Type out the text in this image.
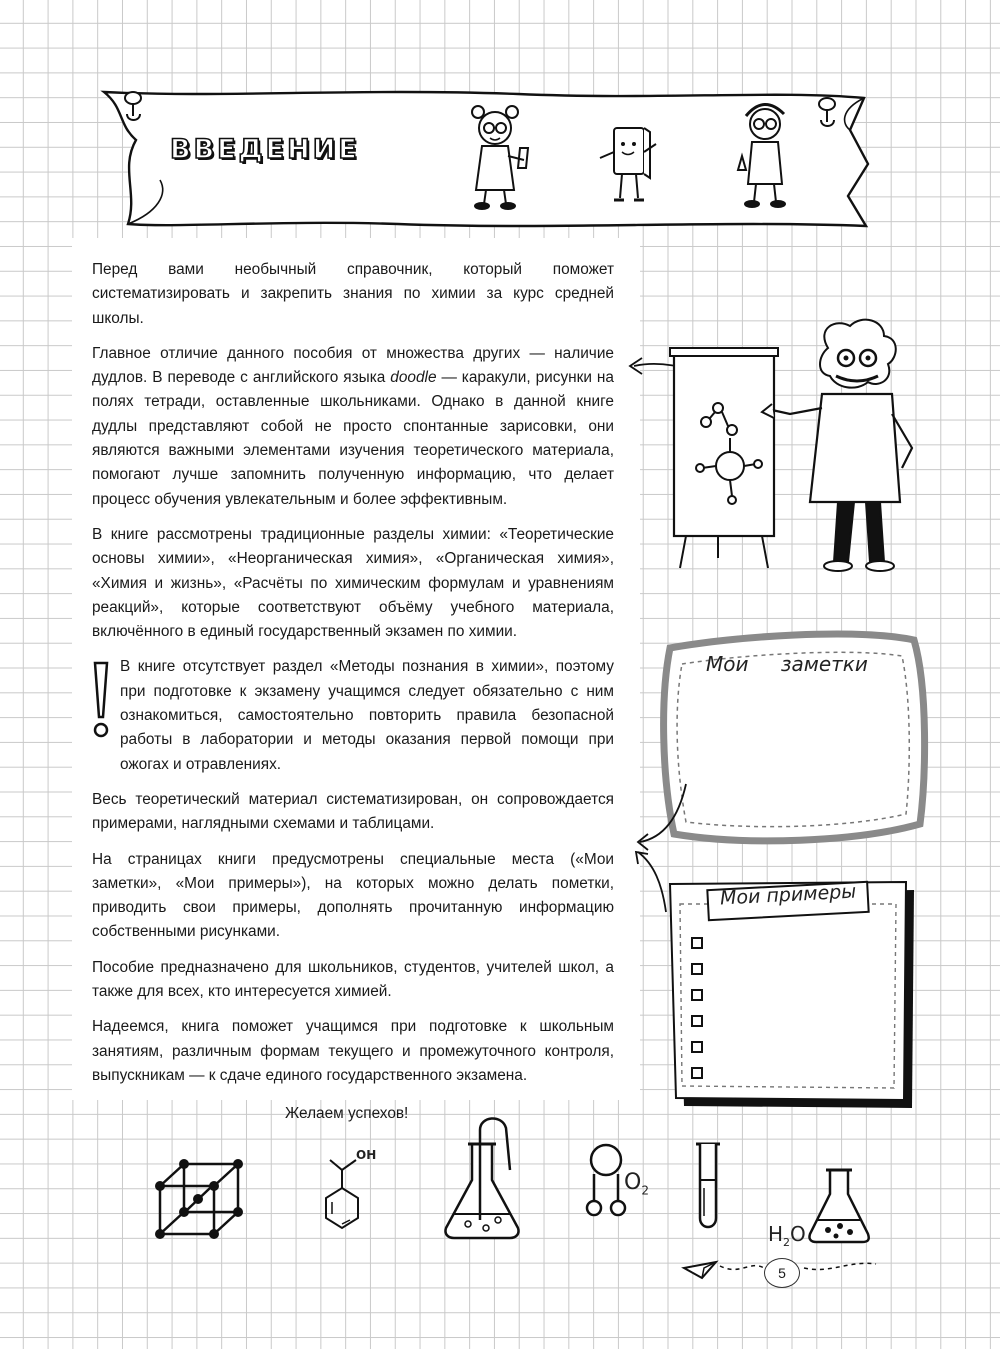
ВВЕДЕНИЕ

Перед вами необычный справочник, который поможет систематизировать и закрепить знания по химии за курс средней школы.

Главное отличие данного пособия от множества других — наличие дудлов. В переводе с английского языка doodle — каракули, рисунки на полях тетради, оставленные школьниками. Однако в данной книге дудлы представляют собой не просто спонтанные зарисовки, они являются важными элементами изучения теоретического материала, помогают лучше запомнить полученную информацию, что делает процесс обучения увлекательным и более эффективным.

В книге рассмотрены традиционные разделы химии: «Теоретические основы химии», «Неорганическая химия», «Органическая химия», «Химия и жизнь», «Расчёты по химическим формулам и уравнениям реакций», которые соответствуют объёму учебного материала, включённого в единый государственный экзамен по химии.

В книге отсутствует раздел «Методы познания в химии», поэтому при подготовке к экзамену учащимся следует обязательно с ним ознакомиться, самостоятельно повторить правила безопасной работы в лаборатории и методы оказания первой помощи при ожогах и отравлениях.

Весь теоретический материал систематизирован, он сопровождается примерами, наглядными схемами и таблицами.

На страницах книги предусмотрены специальные места («Мои заметки», «Мои примеры»), на которых можно делать пометки, приводить свои примеры, дополнять прочитанную информацию собственными рисунками.

Пособие предназначено для школьников, студентов, учителей школ, а также для всех, кто интересуется химией.

Надеемся, книга поможет учащимся при подготовке к школьным занятиям, различным формам текущего и промежуточного контроля, выпускникам — к сдаче единого государственного экзамена.

Желаем успехов!

Мои заметки
Мои примеры
OH
$O_2$
$H_2O$
5
